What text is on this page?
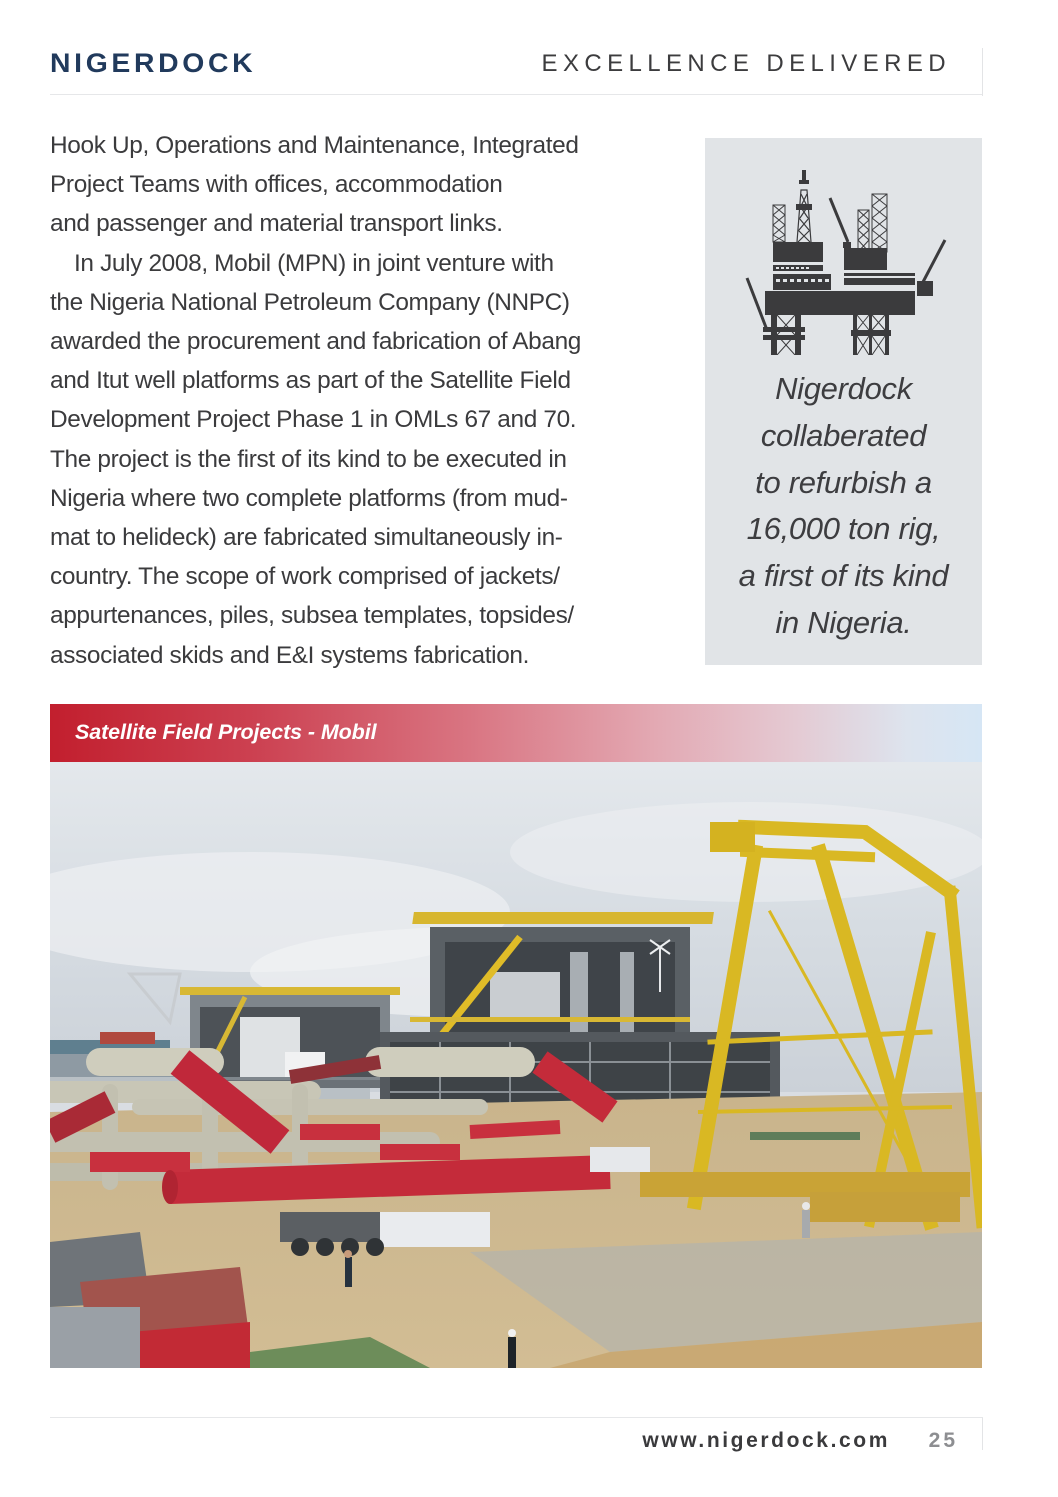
NIGERDOCK	EXCELLENCE DELIVERED

Hook Up, Operations and Maintenance, Integrated

Project Teams with offices, accommodation

and passenger and material transport links.

In July 2008, Mobil (MPN) in joint venture with

the Nigeria National Petroleum Company (NNPC)

awarded the procurement and fabrication of Abang

and Itut well platforms as part of the Satellite Field

Development Project Phase 1 in OMLs 67 and 70.

The project is the first of its kind to be executed in

Nigeria where two complete platforms (from mud-

mat to helideck) are fabricated simultaneously in-

country. The scope of work comprised of jackets/

appurtenances, piles, subsea templates, topsides/

associated skids and E&I systems fabrication.

Nigerdock
collaberated
to refurbish a
16,000 ton rig,
a first of its kind
in Nigeria.
Satellite Field Projects - Mobil
www.nigerdock.com 25
